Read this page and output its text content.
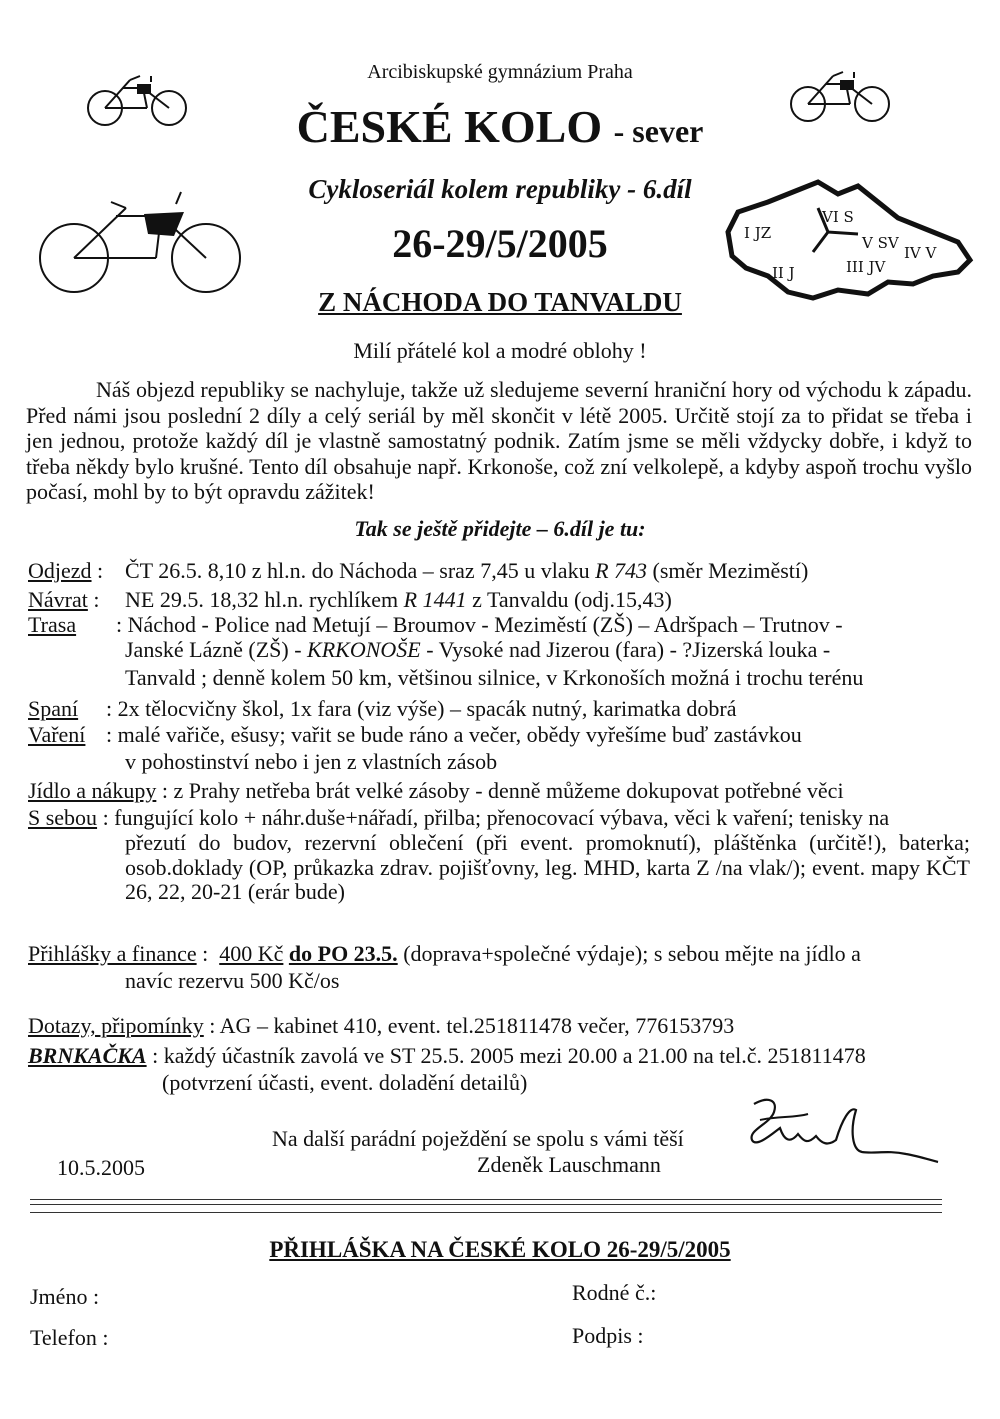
I JZ
II J	III JV
IV V
V SV
VI S
Arcibiskupské gymnázium Praha
ČESKÉ KOLO - sever
Cykloseriál kolem republiky - 6.díl
26-29/5/2005
Z NÁCHODA DO TANVALDU
Milí přátelé kol a modré oblohy !
Náš objezd republiky se nachyluje, takže už sledujeme severní hraniční hory od východu k západu. Před námi jsou poslední 2 díly a celý seriál by měl skončit v létě 2005. Určitě stojí za to přidat se třeba i jen jednou, protože každý díl je vlastně samostatný podnik. Zatím jsme se měli vždycky dobře, i když to třeba někdy bylo krušné. Tento díl obsahuje např. Krkonoše, což zní velkolepě, a kdyby aspoň trochu vyšlo počasí, mohl by to být opravdu zážitek!
Tak se ještě přidejte – 6.díl je tu:
Odjezd : ČT 26.5. 8,10 z hl.n. do Náchoda – sraz 7,45 u vlaku R 743 (směr Meziměstí)
Návrat : NE 29.5. 18,32 hl.n. rychlíkem R 1441 z Tanvaldu (odj.15,43)
Trasa : Náchod - Police nad Metují – Broumov - Meziměstí (ZŠ) – Adršpach – Trutnov -
Janské Lázně (ZŠ) - KRKONOŠE - Vysoké nad Jizerou (fara) - ?Jizerská louka -
Tanvald ; denně kolem 50 km, většinou silnice, v Krkonoších možná i trochu terénu
Spaní : 2x tělocvičny škol, 1x fara (viz výše) – spacák nutný, karimatka dobrá
Vaření : malé vařiče, ešusy; vařit se bude ráno a večer, obědy vyřešíme buď zastávkou
v pohostinství nebo i jen z vlastních zásob
Jídlo a nákupy : z Prahy netřeba brát velké zásoby - denně můžeme dokupovat potřebné věci
S sebou : fungující kolo + náhr.duše+nářadí, přilba; přenocovací výbava, věci k vaření; tenisky na
přezutí do budov, rezervní oblečení (při event. promoknutí), pláštěnka (určitě!), baterka; osob.doklady (OP, průkazka zdrav. pojišťovny, leg. MHD, karta Z /na vlak/); event. mapy KČT 26, 22, 20-21 (erár bude)
Přihlášky a finance :  400 Kč do PO 23.5. (doprava+společné výdaje); s sebou mějte na jídlo a
navíc rezervu 500 Kč/os
Dotazy, připomínky : AG – kabinet 410, event. tel.251811478 večer, 776153793
BRNKAČKA : každý účastník zavolá ve ST 25.5. 2005 mezi 20.00 a 21.00 na tel.č. 251811478
(potvrzení účasti, event. doladění detailů)
Na další parádní poježdění se spolu s vámi těší
10.5.2005	Zdeněk Lauschmann
PŘIHLÁŠKA NA ČESKÉ KOLO 26-29/5/2005
Jméno :	Rodné č.:
Telefon :	Podpis :
